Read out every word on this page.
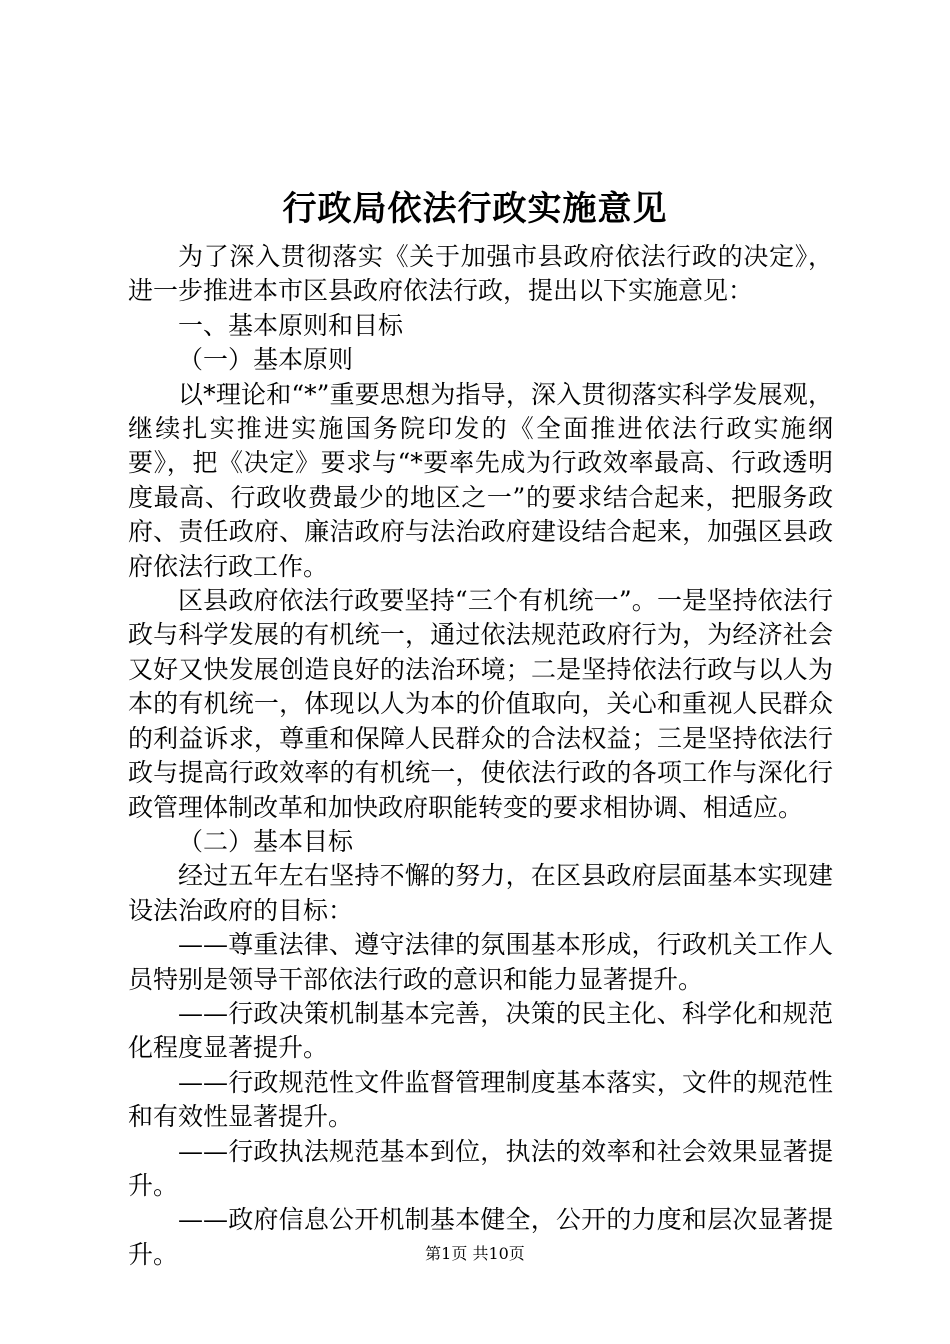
行政局依法行政实施意见

为了深入贯彻落实《关于加强市县政府依法行政的决定》，进一步推进本市区县政府依法行政，提出以下实施意见：

一、基本原则和目标

（一）基本原则

以*理论和“*”重要思想为指导，深入贯彻落实科学发展观，继续扎实推进实施国务院印发的《全面推进依法行政实施纲要》，把《决定》要求与“*要率先成为行政效率最高、行政透明度最高、行政收费最少的地区之一”的要求结合起来，把服务政府、责任政府、廉洁政府与法治政府建设结合起来，加强区县政府依法行政工作。

区县政府依法行政要坚持“三个有机统一”。一是坚持依法行政与科学发展的有机统一，通过依法规范政府行为，为经济社会又好又快发展创造良好的法治环境；二是坚持依法行政与以人为本的有机统一，体现以人为本的价值取向，关心和重视人民群众的利益诉求，尊重和保障人民群众的合法权益；三是坚持依法行政与提高行政效率的有机统一，使依法行政的各项工作与深化行政管理体制改革和加快政府职能转变的要求相协调、相适应。

（二）基本目标

经过五年左右坚持不懈的努力，在区县政府层面基本实现建设法治政府的目标：

——尊重法律、遵守法律的氛围基本形成，行政机关工作人员特别是领导干部依法行政的意识和能力显著提升。

——行政决策机制基本完善，决策的民主化、科学化和规范化程度显著提升。

——行政规范性文件监督管理制度基本落实，文件的规范性和有效性显著提升。

——行政执法规范基本到位，执法的效率和社会效果显著提升。

——政府信息公开机制基本健全，公开的力度和层次显著提升。	第1页 共10页
